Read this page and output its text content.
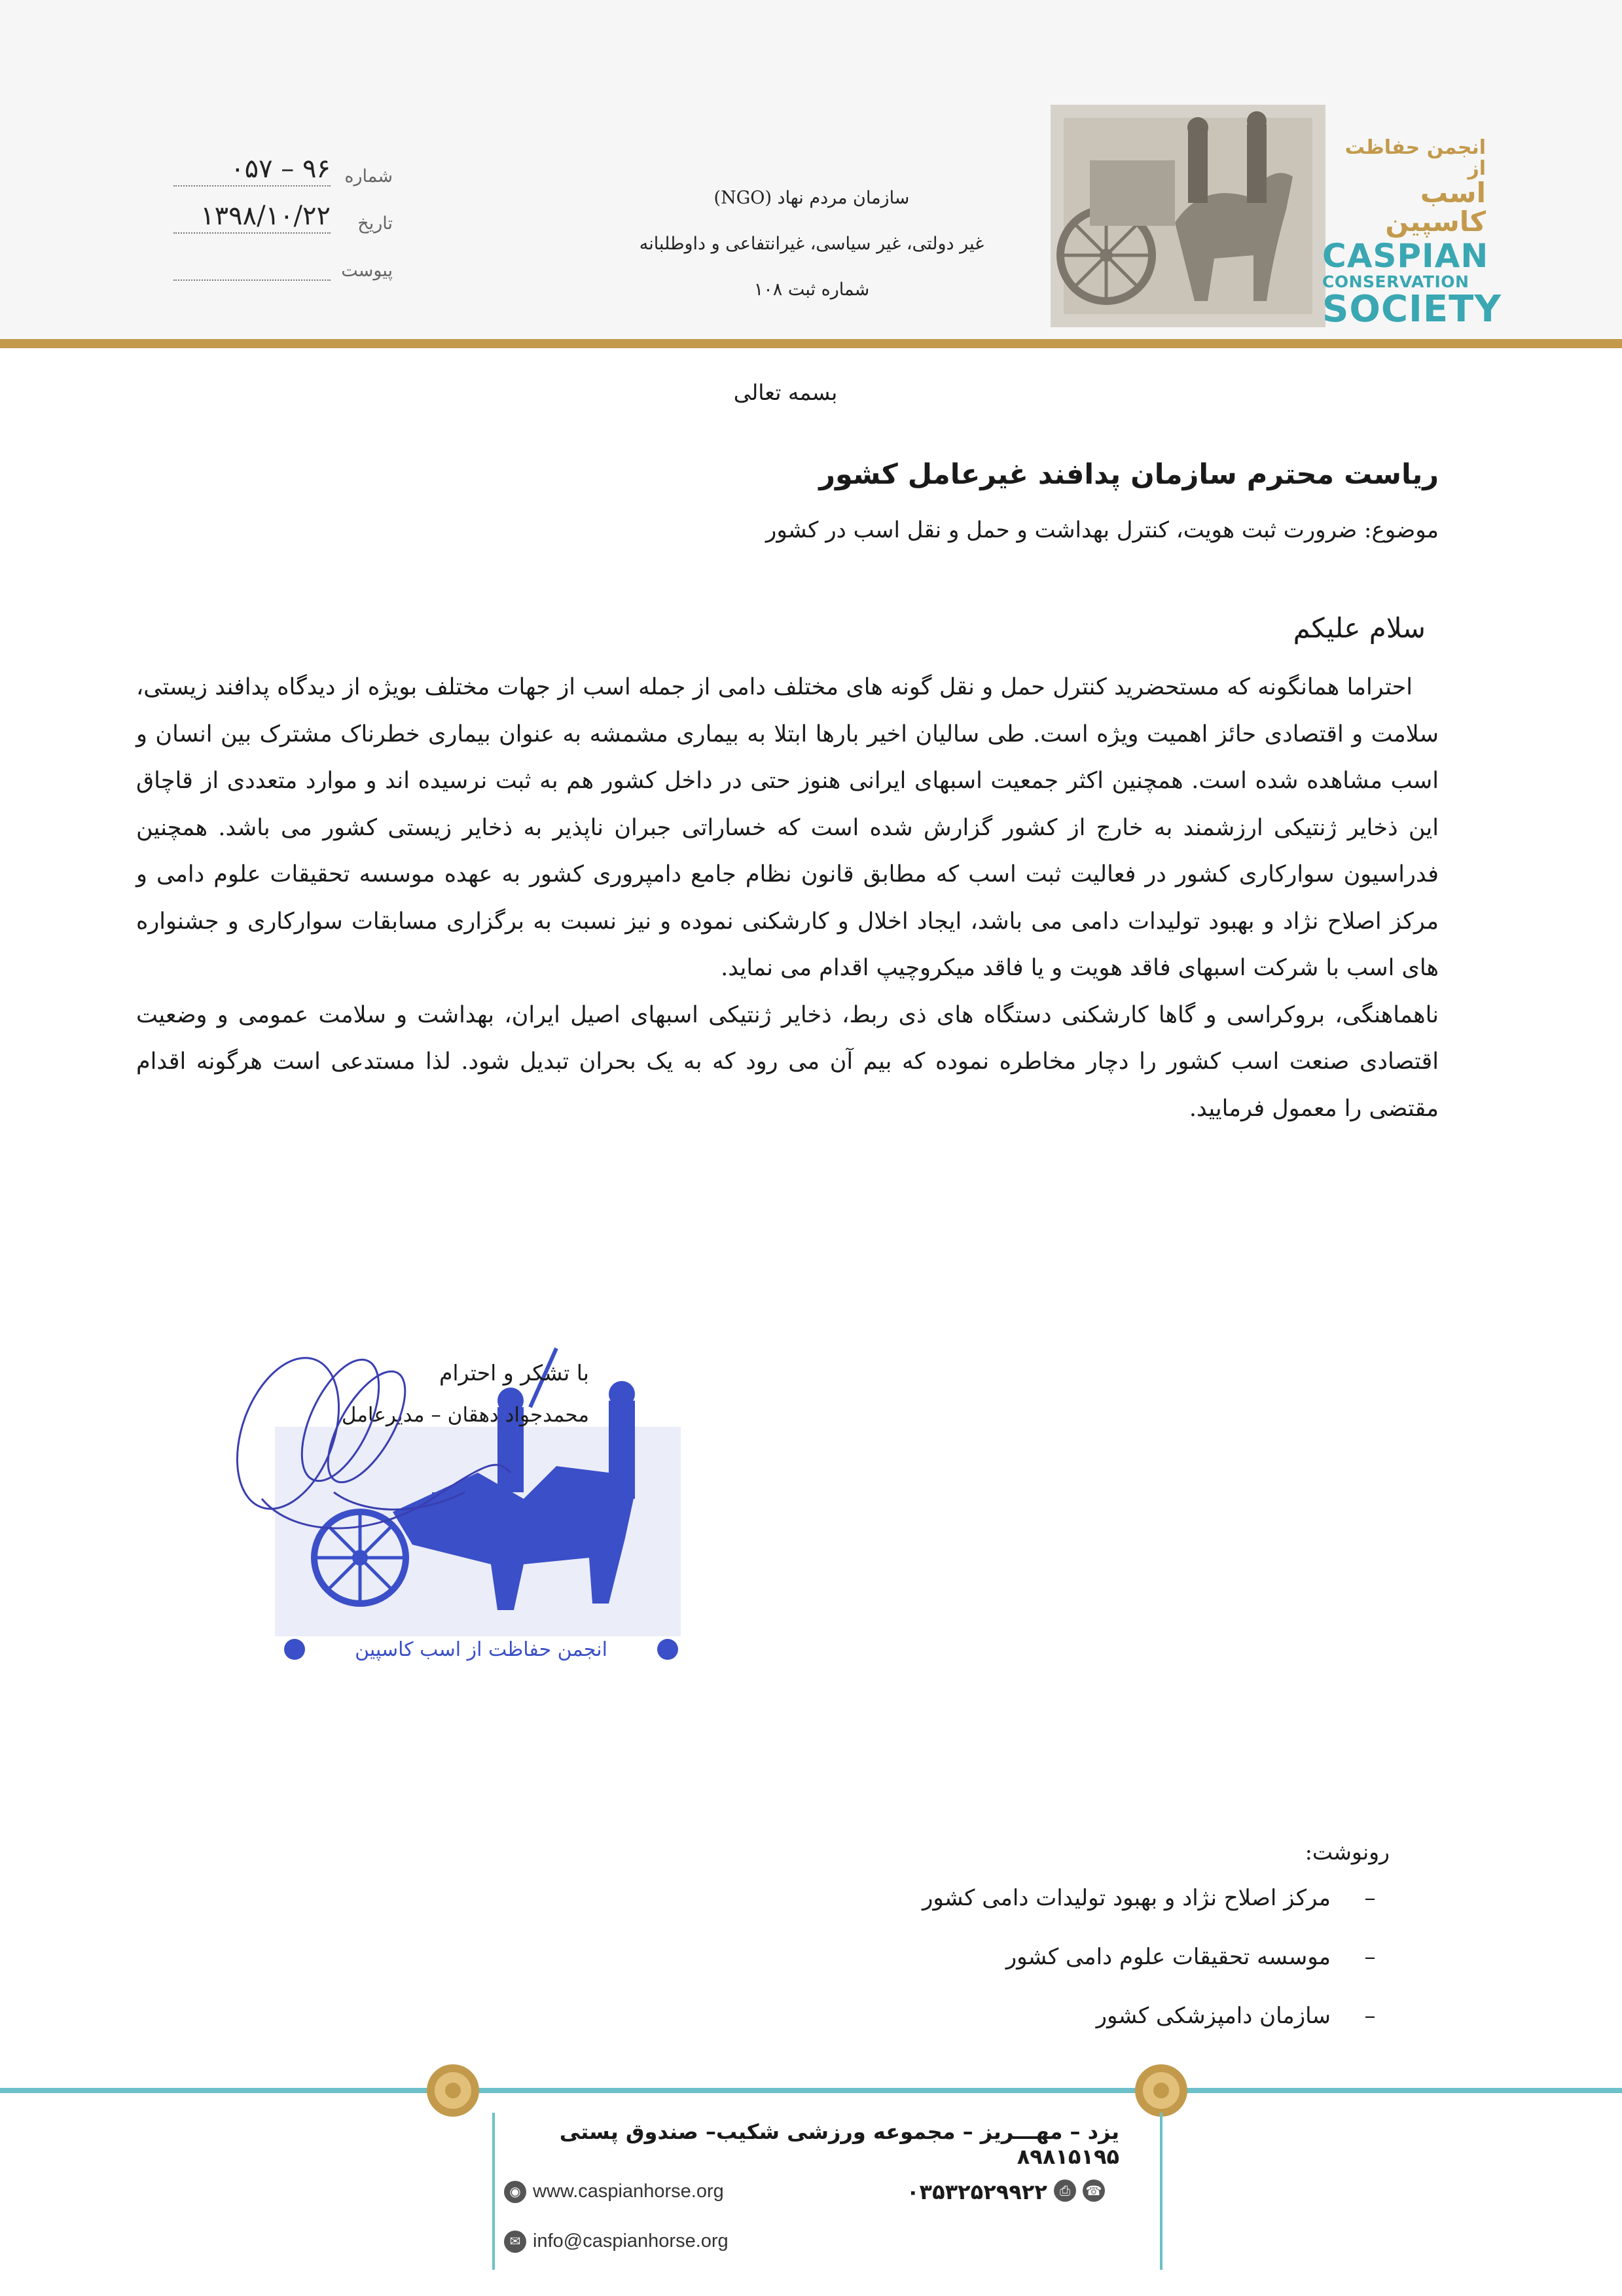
انجمن حفاظت از
اسب کاسپین
CASPIAN
CONSERVATION
SOCIETY
سازمان مردم نهاد (NGO)
غیر دولتی، غیر سیاسی، غیرانتفاعی و داوطلبانه
شماره ثبت ۱۰۸
شماره
۹۶ – ۰۵۷
تاریخ
۱۳۹۸/۱۰/۲۲
پیوست
بسمه تعالی
ریاست محترم سازمان پدافند غیرعامل کشور
موضوع: ضرورت ثبت هویت، کنترل بهداشت و حمل و نقل اسب در کشور
سلام علیکم

احتراما همانگونه که مستحضرید کنترل حمل و نقل گونه های مختلف دامی از جمله اسب از جهات مختلف بویژه از دیدگاه پدافند زیستی، سلامت و اقتصادی حائز اهمیت ویژه است. طی سالیان اخیر بارها ابتلا به بیماری مشمشه به عنوان بیماری خطرناک مشترک بین انسان و اسب مشاهده شده است. همچنین اکثر جمعیت اسبهای ایرانی هنوز حتی در داخل کشور هم به ثبت نرسیده اند و موارد متعددی از قاچاق این ذخایر ژنتیکی ارزشمند به خارج از کشور گزارش شده است که خساراتی جبران ناپذیر به ذخایر زیستی کشور می باشد. همچنین فدراسیون سوارکاری کشور در فعالیت ثبت اسب که مطابق قانون نظام جامع دامپروری کشور به عهده موسسه تحقیقات علوم دامی و مرکز اصلاح نژاد و بهبود تولیدات دامی می باشد، ایجاد اخلال و کارشکنی نموده و نیز نسبت به برگزاری مسابقات سوارکاری و جشنواره های اسب با شرکت اسبهای فاقد هویت و یا فاقد میکروچیپ اقدام می نماید.

ناهماهنگی، بروکراسی و گاها کارشکنی دستگاه های ذی ربط، ذخایر ژنتیکی اسبهای اصیل ایران، بهداشت و سلامت عمومی و وضعیت اقتصادی صنعت اسب کشور را دچار مخاطره نموده که بیم آن می رود که به یک بحران تبدیل شود. لذا مستدعی است هرگونه اقدام مقتضی را معمول فرمایید.

انجمن حفاظت از اسب کاسپین
با تشکر و احترام
محمدجواد دهقان – مدیرعامل
رونوشت:
–مرکز اصلاح نژاد و بهبود تولیدات دامی کشور
–موسسه تحقیقات علوم دامی کشور
–سازمان دامپزشکی کشور
یزد – مهـــریز – مجموعه ورزشی شکیب– صندوق پستی ۸۹۸۱۵۱۹۵
◉ www.caspianhorse.org
✉ info@caspianhorse.org
۰۳۵۳۲۵۲۹۹۲۲ ⎙ ☎
